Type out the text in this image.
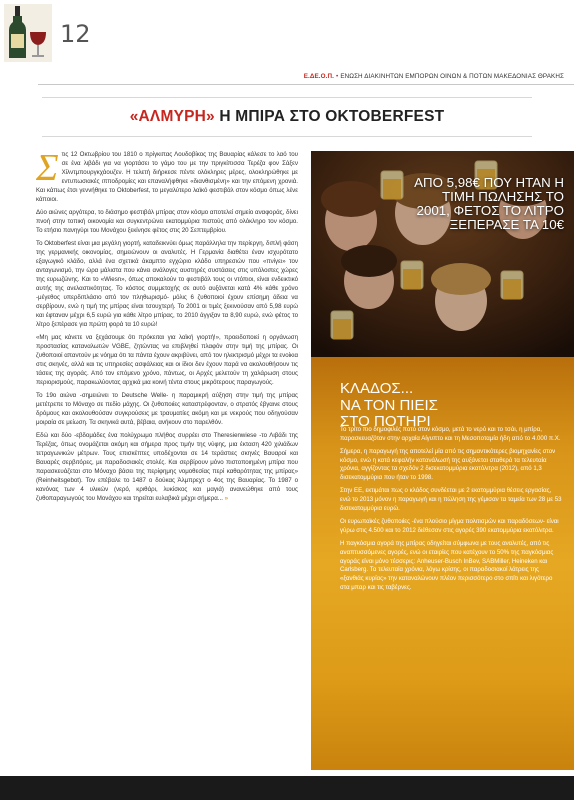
12
Ε.ΔΕ.Ο.Π. • ΕΝΩΣΗ ΔΙΑΚΙΝΗΤΩΝ ΕΜΠΟΡΩΝ ΟΙΝΩΝ & ΠΟΤΩΝ ΜΑΚΕΔΟΝΙΑΣ ΘΡΑΚΗΣ
«ΑΛΜΥΡΗ» Η ΜΠΙΡΑ ΣΤΟ OKTOBERFEST

Στις 12 Οκτωβρίου του 1810 ο πρίγκιπας Λουδοβίκος της Βαυαρίας κάλεσε το λαό του σε ένα λιβάδι για να γιορτάσει το γάμο του με την πριγκίπισσα Τερέζα φον Σάξεν Χίλντμπουργκχάουζεν. Η τελετή διήρκεσε πέντε ολόκληρες μέρες, ολοκληρώθηκε με εντυπωσιακές ιπποδρομίες και επαναλήφθηκε «διανθισμένη» και την επόμενη χρονιά. Και κάπως έτσι γεννήθηκε το Oktoberfest, το μεγαλύτερο λαϊκό φεστιβάλ στον κόσμο όπως λένε κάποιοι.

Δύο αιώνες αργότερα, το διάσημο φεστιβάλ μπίρας στον κόσμο αποτελεί σημείο αναφοράς, δίνει πνοή στην τοπική οικονομία και συγκεντρώνει εκατομμύρια πιστούς από ολόκληρο τον κόσμο. Το ετήσιο πανηγύρι του Μονάχου ξεκίνησε φέτος στις 20 Σεπτεμβρίου.

Το Oktoberfest είναι μια μεγάλη γιορτή, καταδεικνύει όμως παράλληλα την περίεργη, διπλή φάση της γερμανικής οικονομίας, σημειώνουν οι αναλυτές. Η Γερμανία διαθέτει έναν ισχυρότατο εξαγωγικό κλάδο, αλλά ένα σχετικά άκαμπτο εγχώριο κλάδο υπηρεσιών που «πνίγει» τον ανταγωνισμό, την ώρα μάλιστα που κάνει ανάλογες αυστηρές συστάσεις στις υπόλοιπες χώρες της ευρωζώνης. Και το «Wiesn», όπως αποκαλούν το φεστιβάλ τους οι ντόπιοι, είναι ενδεικτικό αυτής της ανελαστικότητας. Το κόστος συμμετοχής σε αυτό αυξάνεται κατά 4% κάθε χρόνο -μέγεθος υπερδιπλάσιο από τον πληθωρισμό- μόλις 6 ζυθοποιοί έχουν επίσημη άδεια να σερβίρουν, ενώ η τιμή της μπίρας είναι τσουχτερή. Το 2001 οι τιμές ξεκινούσαν από 5,98 ευρώ και έφταναν μέχρι 6,5 ευρώ για κάθε λίτρο μπίρας, το 2010 άγγιξαν τα 8,90 ευρώ, ενώ φέτος το λίτρο ξεπέρασε για πρώτη φορά τα 10 ευρώ!

«Μη μας κάνετε να ξεχάσουμε ότι πρόκειται για λαϊκή γιορτή!», προειδοποιεί η οργάνωση προστασίας καταναλωτών VGBE, ζητώντας να επιβληθεί πλαφόν στην τιμή της μπίρας. Οι ζυθοποιοί απαντούν με νόημα ότι τα πάντα έχουν ακριβύνει, από τον ηλεκτρισμό μέχρι τα ενοίκια στις σκηνές, αλλά και τις υπηρεσίες ασφάλειας και οι ίδιοι δεν έχουν παρά να ακολουθήσουν τις τάσεις της αγοράς. Από τον επόμενο χρόνο, πάντως, οι Αρχές μελετούν τη χαλάρωση στους περιορισμούς, παρακωλύοντας αρχικά μια κοινή τέντα στους μικρότερους παραγωγούς.

Το 19ο αιώνα -σημειώνει το Deutsche Welle- η παραμικρή αύξηση στην τιμή της μπίρας μετέτρεπε το Μόναχο σε πεδίο μάχης. Οι ζυθοποιίες καταστρέφονταν, ο στρατός έβγαινε στους δρόμους και ακολουθούσαν συγκρούσεις με τραυματίες ακόμη και με νεκρούς που οδηγούσαν μοιραία σε μείωση. Τα σκηνικά αυτά, βέβαια, ανήκουν στο παρελθόν.

Εδώ και δύο -εβδομάδες ένα πολύχρωμο πλήθος συρρέει στο Theresienwiese -το Λιβάδι της Τερέζας, όπως ονομάζεται ακόμη και σήμερα προς τιμήν της νύφης, μια έκταση 420 χιλιάδων τετραγωνικών μέτρων. Τους επισκέπτες υποδέχονται σε 14 τεράστιες σκηνές Βαυαροί και Βαυαρές σερβιτόρες, με παραδοσιακές στολές. Και σερβίρουν μόνο πιστοποιημένη μπίρα που παρασκευάζεται στο Μόναχο βάσει της περίφημης νομοθεσίας περί καθαρότητας της μπίρας» (Reinheitsgebot). Τον επέβαλε το 1487 ο δούκας Άλμπρεχτ ο 4ος της Βαυαρίας. Το 1987 ο κανόνας των 4 υλικών (νερό, κριθάρι, λυκίσκος και μαγιά) ανανεώθηκε από τους ζυθοπαραγωγούς του Μονάχου και τηρείται ευλαβικά μέχρι σήμερα... »

ΑΠΟ 5,98€ ΠΟΥ ΗΤΑΝ Η ΤΙΜΗ ΠΩΛΗΣΗΣ ΤΟ 2001, ΦΕΤΟΣ ΤΟ ΛΙΤΡΟ ΞΕΠΕΡΑΣΕ ΤΑ 10€
ΚΛΑΔΟΣ...
ΝΑ ΤΟΝ ΠΙΕΙΣ
ΣΤΟ ΠΟΤΗΡΙ

Το τρίτο πιο δημοφιλές ποτό στον κόσμο, μετά το νερό και το τσάι, η μπίρα, παρασκευαζόταν στην αρχαία Αίγυπτο και τη Μεσοποταμία ήδη από το 4.000 π.Χ.

Σήμερα, η παραγωγή της αποτελεί μία από τις σημαντικότερες βιομηχανίες στον κόσμο, ενώ η κατά κεφαλήν κατανάλωσή της αυξάνεται σταθερά τα τελευταία χρόνια, αγγίζοντας τα σχεδόν 2 δισεκατομμύρια εκατόλιτρα (2012), από 1,3 δισεκατομμύρια που ήταν το 1998.

Στην ΕΕ, εκτιμάται πως ο κλάδος συνδέεται με 2 εκατομμύρια θέσεις εργασίας, ενώ το 2013 μόνον η παραγωγή και η πώληση της γέμισαν τα ταμεία των 28 με 53 δισεκατομμύρια ευρώ.

Οι ευρωπαϊκές ζυθοποιίες -ένα πλούσιο μίγμα πολιτισμών και παραδόσεων- είναι γύρω στις 4.500 και το 2012 διέθεσαν στις αγορές 390 εκατομμύρια εκατόλιτρα.

Η παγκόσμια αγορά της μπίρας οδηγείται σύμφωνα με τους αναλυτές, από τις αναπτυσσόμενες αγορές, ενώ οι εταιρίες που κατέχουν το 50% της παγκόσμιας αγοράς είναι μόνο τέσσερις: Anheuser-Busch InBev, SABMiller, Heineken και Carlsberg. Τα τελευταία χρόνια, λόγω κρίσης, οι παραδοσιακοί λάτρεις της «ξανθιάς κυρίας» την καταναλώνουν πλέον περισσότερο στο σπίτι και λιγότερο στα μπαρ και τις ταβέρνες.
